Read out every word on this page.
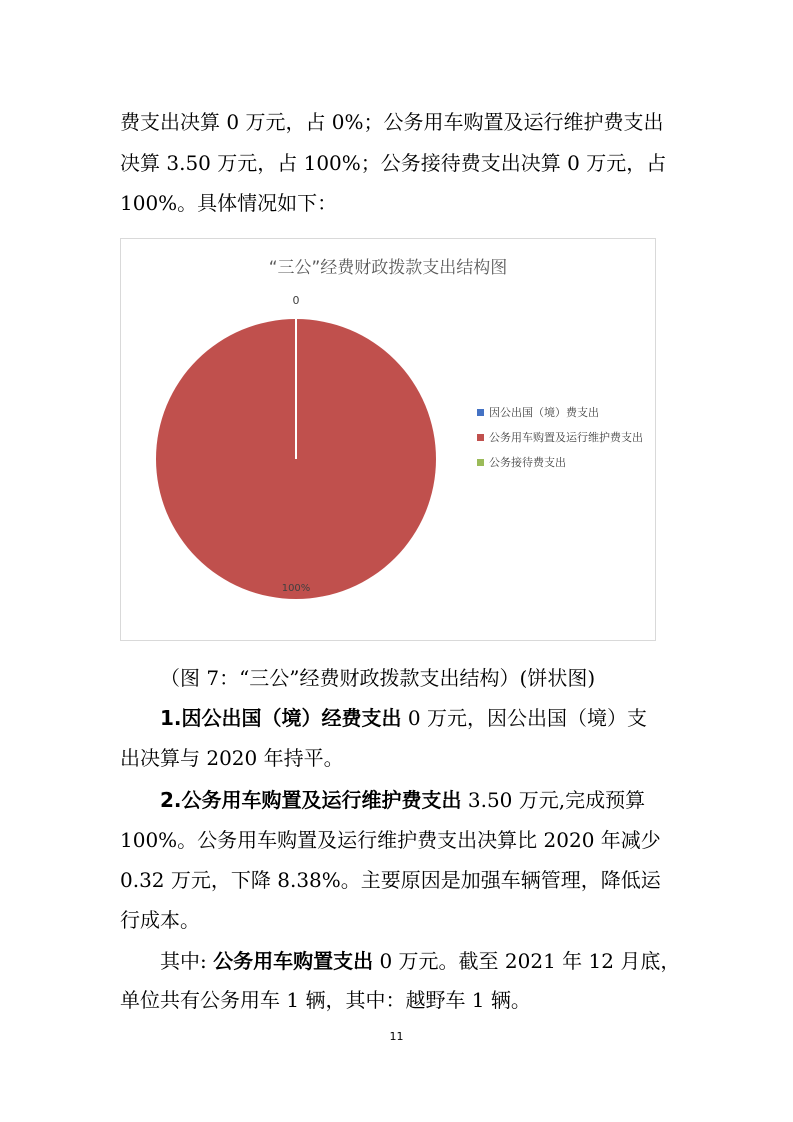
费支出决算 0 万元，占 0%；公务用车购置及运行维护费支出
决算 3.50 万元，占 100%；公务接待费支出决算 0 万元，占
100%。具体情况如下：
“三公”经费财政拨款支出结构图
0
100%
因公出国（境）费支出
公务用车购置及运行维护费支出
公务接待费支出
（图 7：“三公”经费财政拨款支出结构）(饼状图)
1.因公出国（境）经费支出 0 万元，因公出国（境）支
出决算与 2020 年持平。
2.公务用车购置及运行维护费支出 3.50 万元,完成预算
100%。公务用车购置及运行维护费支出决算比 2020 年减少
0.32 万元，下降 8.38%。主要原因是加强车辆管理，降低运
行成本。
其中: 公务用车购置支出 0 万元。截至 2021 年 12 月底，
单位共有公务用车 1 辆，其中：越野车 1 辆。
11
